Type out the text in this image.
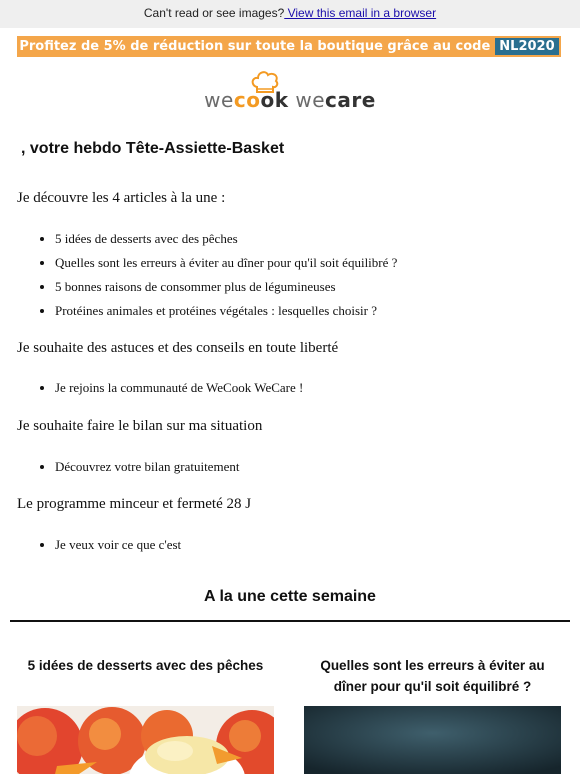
Can't read or see images? View this email in a browser
Profitez de 5% de réduction sur toute la boutique grâce au code NL2020
wecook wecare
, votre hebdo Tête-Assiette-Basket
Je découvre les 4 articles à la une :
• 5 idées de desserts avec des pêches
• Quelles sont les erreurs à éviter au dîner pour qu'il soit équilibré ?
• 5 bonnes raisons de consommer plus de légumineuses
• Protéines animales et protéines végétales : lesquelles choisir ?
Je souhaite des astuces et des conseils en toute liberté
• Je rejoins la communauté de WeCook WeCare !
Je souhaite faire le bilan sur ma situation
• Découvrez votre bilan gratuitement
Le programme minceur et fermeté 28 J
• Je veux voir ce que c'est
A la une cette semaine
5 idées de desserts avec des pêches	Quelles sont les erreurs à éviter au dîner pour qu'il soit équilibré ?
